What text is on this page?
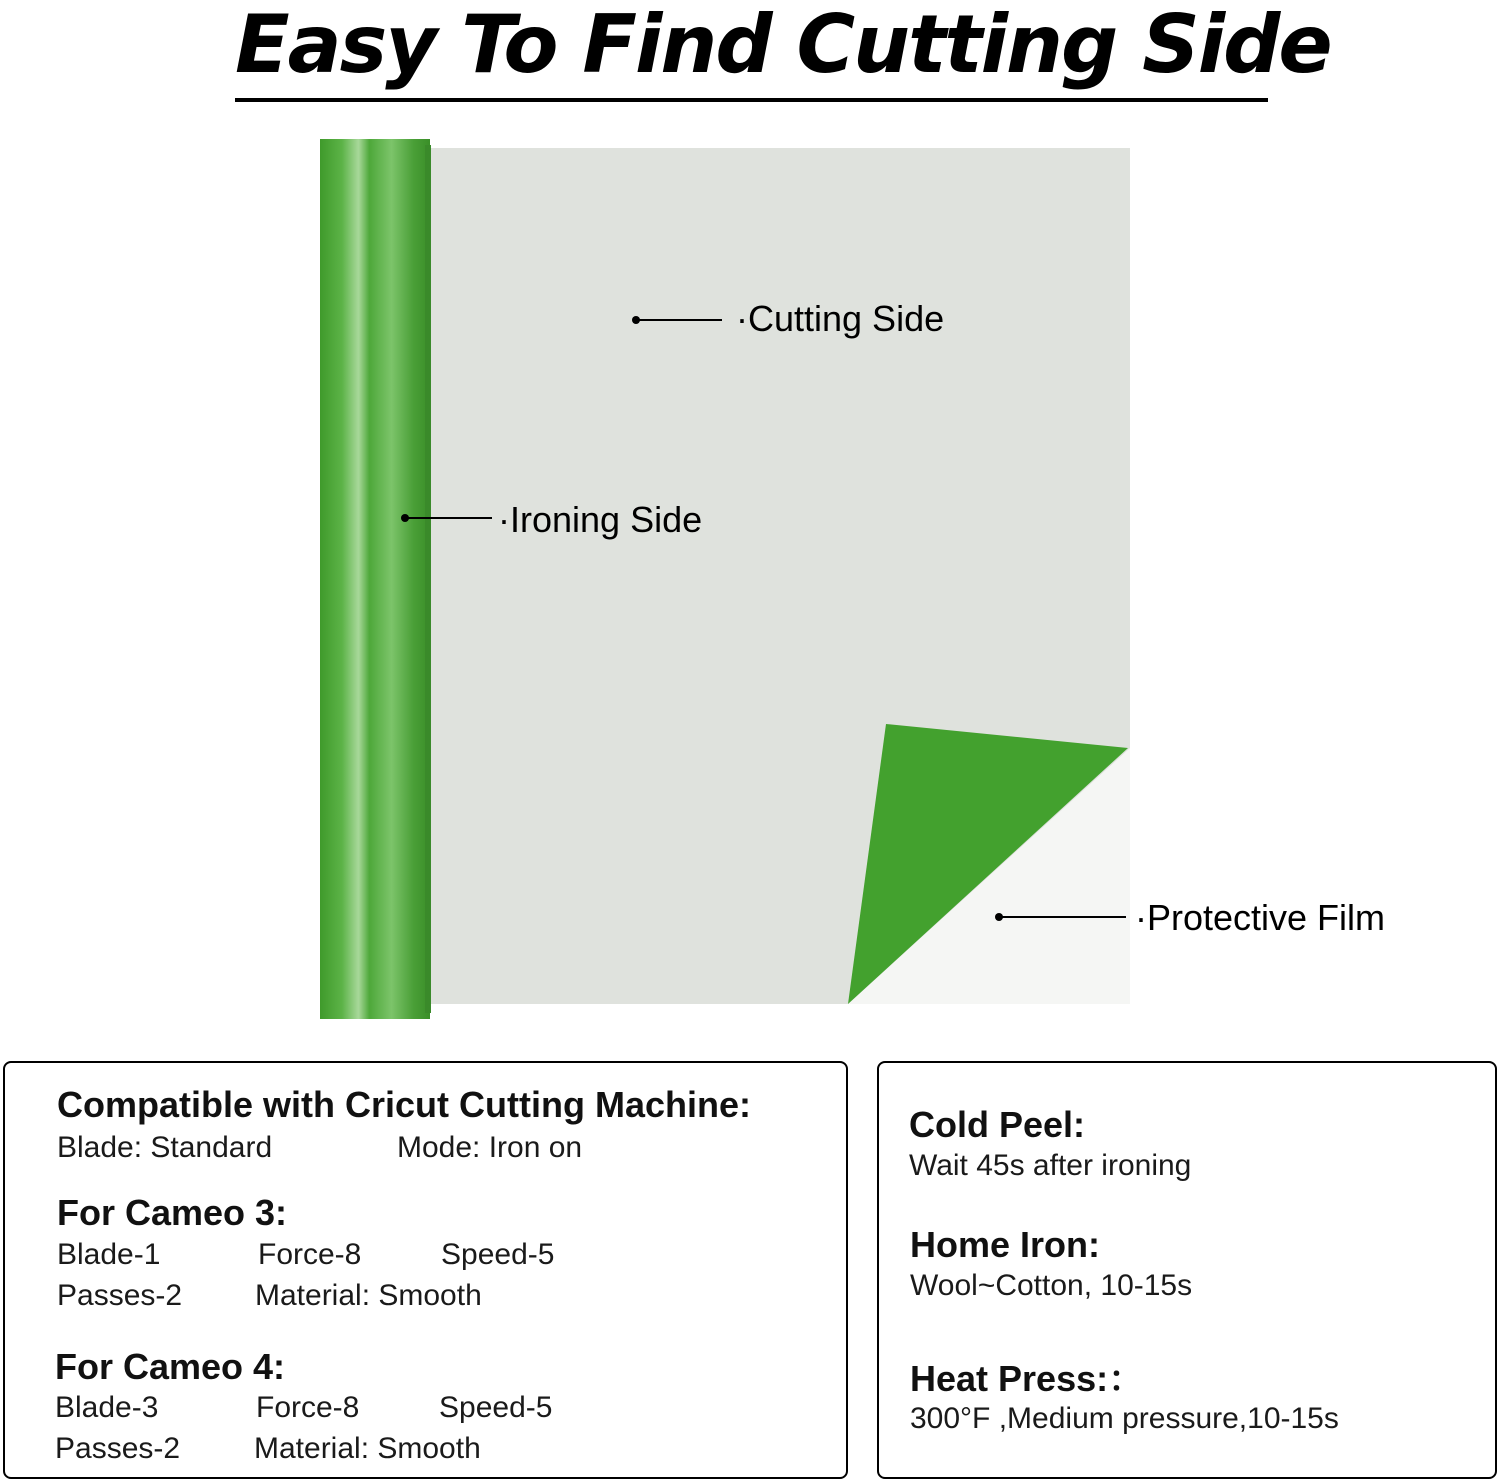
Easy To Find Cutting Side
·Cutting Side
·Ironing Side
·Protective Film
Compatible with Cricut Cutting Machine:
Blade: Standard	Mode: Iron on
For Cameo 3:
Blade-1	Force-8	Speed-5
Passes-2 Material: Smooth
For Cameo 4:
Blade-3	Force-8	Speed-5
Passes-2 Material: Smooth
Cold Peel:
Wait 45s after ironing
Home Iron:
Wool~Cotton, 10-15s
Heat Press:：
300°F ,Medium pressure,10-15s
